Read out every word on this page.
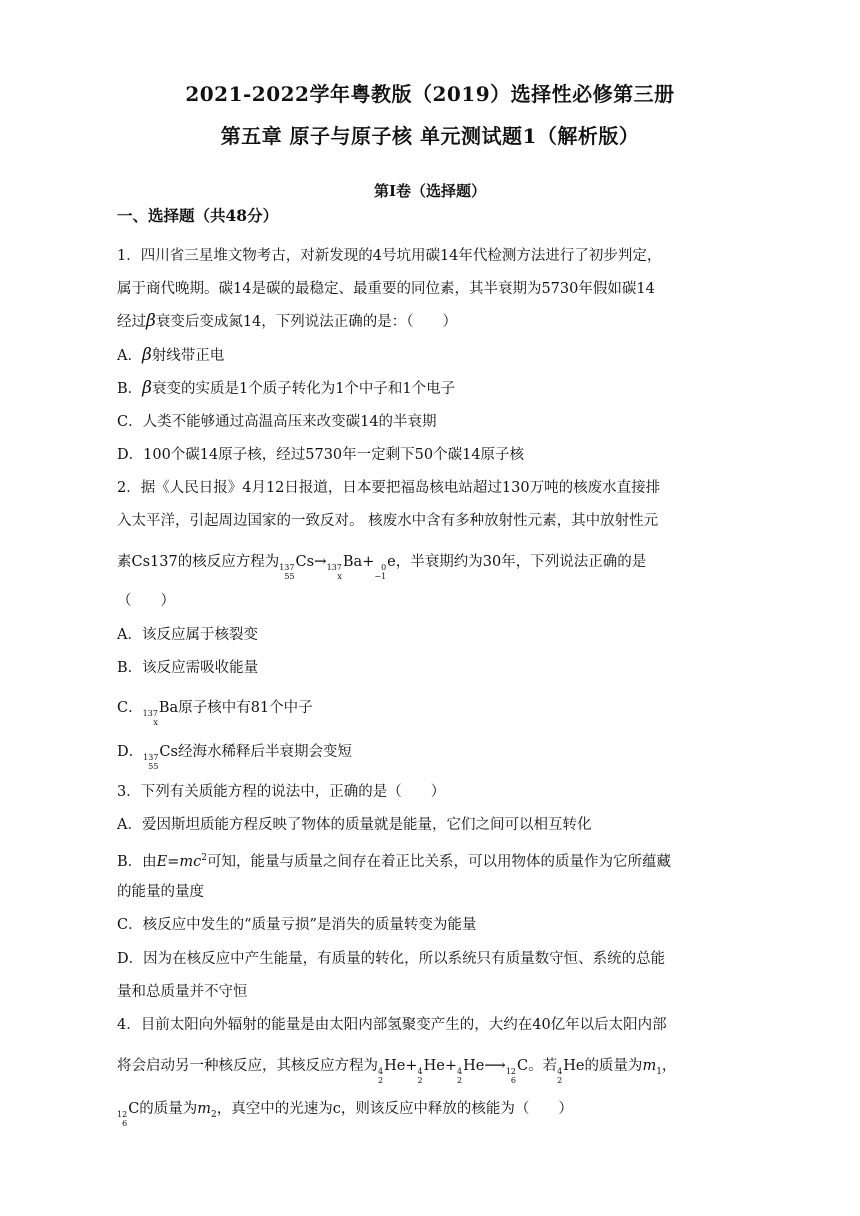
2021-2022学年粤教版（2019）选择性必修第三册
第五章 原子与原子核 单元测试题1（解析版）
第Ⅰ卷（选择题）
一、选择题（共48分）
1．四川省三星堆文物考古，对新发现的4号坑用碳14年代检测方法进行了初步判定，
属于商代晚期。碳14是碳的最稳定、最重要的同位素，其半衰期为5730年假如碳14
经过β衰变后变成氮14，下列说法正确的是：（　　）
A．β射线带正电
B．β衰变的实质是1个质子转化为1个中子和1个电子
C．人类不能够通过高温高压来改变碳14的半衰期
D．100个碳14原子核，经过5730年一定剩下50个碳14原子核
2．据《人民日报》4月12日报道，日本要把福岛核电站超过130万吨的核废水直接排
入太平洋，引起周边国家的一致反对。 核废水中含有多种放射性元素，其中放射性元
素Cs137的核反应方程为 137
55
Cs→ 137
x
Ba+ 0
−1
e，半衰期约为30年，下列说法正确的是
（　　）
A．该反应属于核裂变
B．该反应需吸收能量
C． 137
x
Ba原子核中有81个中子
D． 137
55
Cs经海水稀释后半衰期会变短
3．下列有关质能方程的说法中，正确的是（　　）
A．爱因斯坦质能方程反映了物体的质量就是能量，它们之间可以相互转化
B．由$E=mc^2$可知，能量与质量之间存在着正比关系，可以用物体的质量作为它所蕴藏
的能量的量度
C．核反应中发生的“质量亏损”是消失的质量转变为能量
D．因为在核反应中产生能量，有质量的转化，所以系统只有质量数守恒、系统的总能
量和总质量并不守恒
4．目前太阳向外辐射的能量是由太阳内部氢聚变产生的，大约在40亿年以后太阳内部
将会启动另一种核反应，其核反应方程为 4
2
He+ 4
2
He+ 4
2
He⟶ 12
6
C。若 4
2
He的质量为$m_1$，
12
6
C的质量为$m_2$，真空中的光速为c，则该反应中释放的核能为（　　）
